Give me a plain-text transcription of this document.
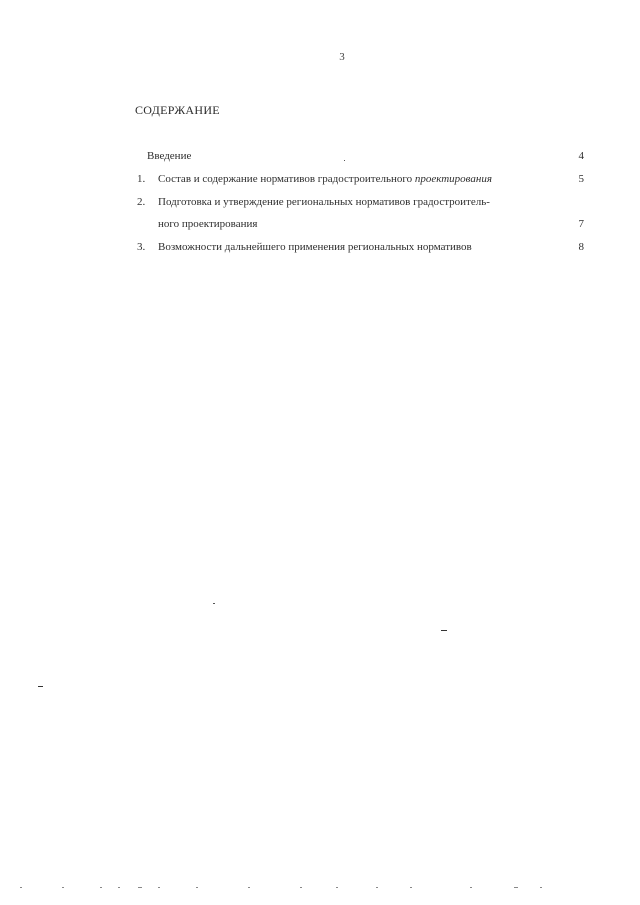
3
СОДЕРЖАНИЕ
Введение	4
1.	Состав и содержание нормативов градостроительного проектирования	5
2.	Подготовка и утверждение региональных нормативов градостроитель-
ного проектирования	7
3.	Возможности дальнейшего применения региональных нормативов	8
